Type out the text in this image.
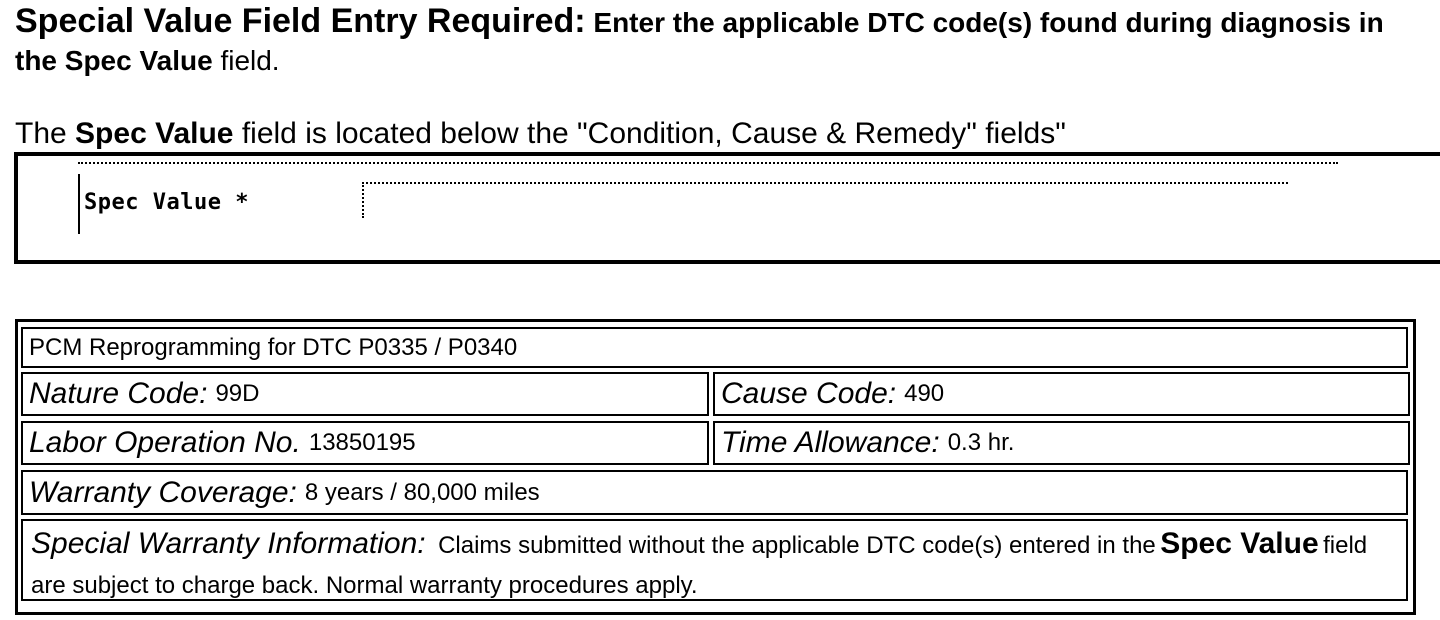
Special Value Field Entry Required: Enter the applicable DTC code(s) found during diagnosis in the Spec Value field.
The Spec Value field is located below the "Condition, Cause & Remedy" fields"
Spec Value *
PCM Reprogramming for DTC P0335 / P0340
Nature Code: 99D	Cause Code: 490
Labor Operation No. 13850195	Time Allowance: 0.3 hr.
Warranty Coverage: 8 years / 80,000 miles
Special Warranty Information: Claims submitted without the applicable DTC code(s) entered in the Spec Value field are subject to charge back. Normal warranty procedures apply.
